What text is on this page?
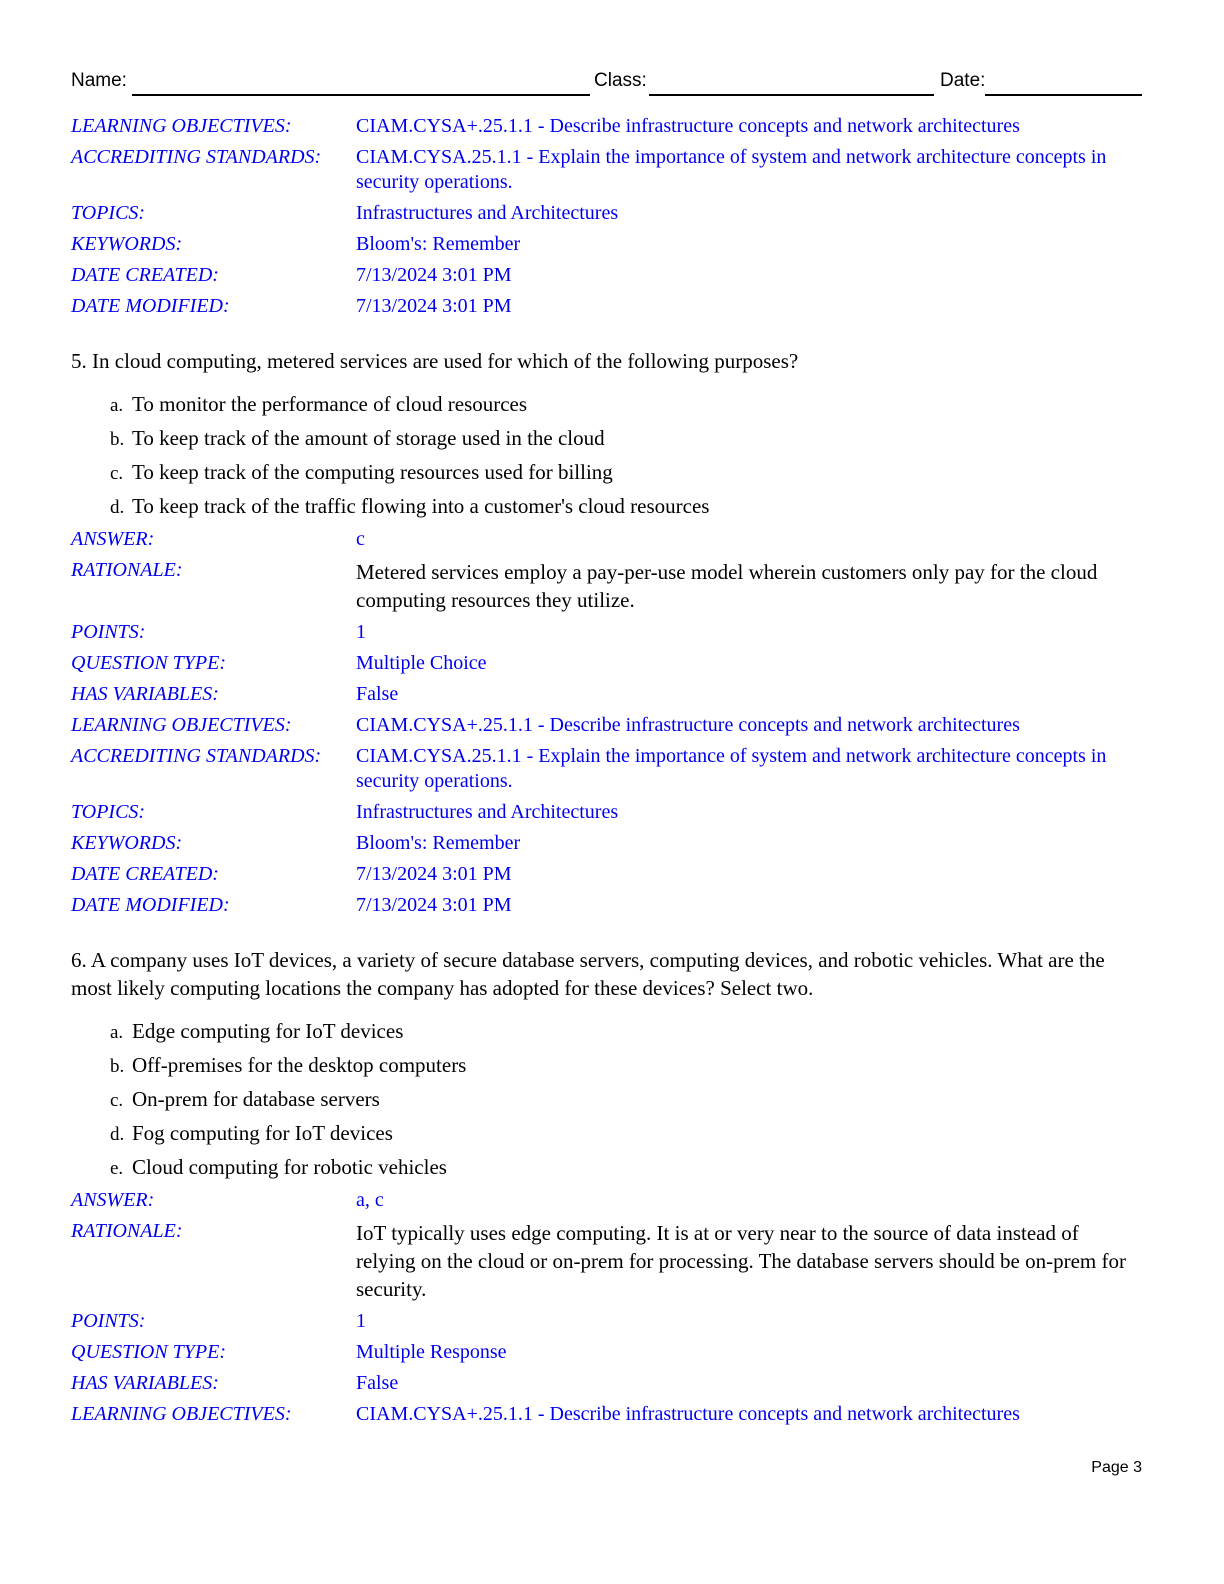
Name:	Class:	Date:
LEARNING OBJECTIVES:	CIAM.CYSA+.25.1.1 - Describe infrastructure concepts and network architectures
ACCREDITING STANDARDS:	CIAM.CYSA.25.1.1 - Explain the importance of system and network architecture concepts in security operations.
TOPICS:	Infrastructures and Architectures
KEYWORDS:	Bloom's: Remember
DATE CREATED:	7/13/2024 3:01 PM
DATE MODIFIED:	7/13/2024 3:01 PM
5. In cloud computing, metered services are used for which of the following purposes?
a. To monitor the performance of cloud resources
b. To keep track of the amount of storage used in the cloud
c. To keep track of the computing resources used for billing
d. To keep track of the traffic flowing into a customer's cloud resources
ANSWER:	c
RATIONALE:	Metered services employ a pay-per-use model wherein customers only pay for the cloud computing resources they utilize.
POINTS:	1
QUESTION TYPE:	Multiple Choice
HAS VARIABLES:	False
LEARNING OBJECTIVES:	CIAM.CYSA+.25.1.1 - Describe infrastructure concepts and network architectures
ACCREDITING STANDARDS:	CIAM.CYSA.25.1.1 - Explain the importance of system and network architecture concepts in security operations.
TOPICS:	Infrastructures and Architectures
KEYWORDS:	Bloom's: Remember
DATE CREATED:	7/13/2024 3:01 PM
DATE MODIFIED:	7/13/2024 3:01 PM
6. A company uses IoT devices, a variety of secure database servers, computing devices, and robotic vehicles. What are the most likely computing locations the company has adopted for these devices? Select two.
a. Edge computing for IoT devices
b. Off-premises for the desktop computers
c. On-prem for database servers
d. Fog computing for IoT devices
e. Cloud computing for robotic vehicles
ANSWER:	a, c
RATIONALE:	IoT typically uses edge computing. It is at or very near to the source of data instead of relying on the cloud or on-prem for processing. The database servers should be on-prem for security.
POINTS:	1
QUESTION TYPE:	Multiple Response
HAS VARIABLES:	False
LEARNING OBJECTIVES:	CIAM.CYSA+.25.1.1 - Describe infrastructure concepts and network architectures
Page 3
